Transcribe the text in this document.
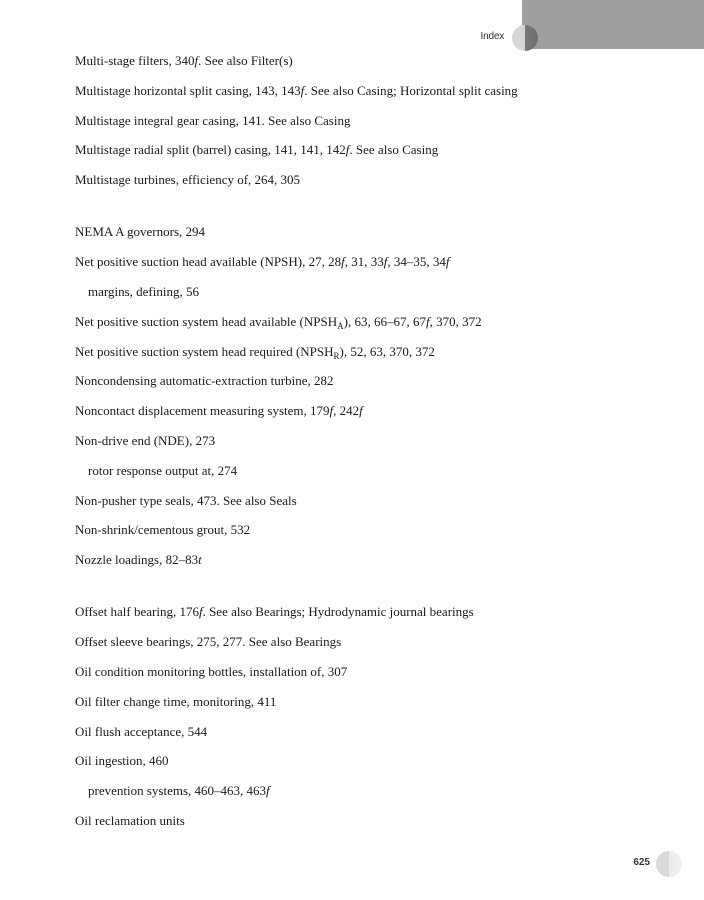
Index
Multi-stage filters, 340f. See also Filter(s)
Multistage horizontal split casing, 143, 143f. See also Casing; Horizontal split casing
Multistage integral gear casing, 141. See also Casing
Multistage radial split (barrel) casing, 141, 141, 142f. See also Casing
Multistage turbines, efficiency of, 264, 305
NEMA A governors, 294
Net positive suction head available (NPSH), 27, 28f, 31, 33f, 34–35, 34f
margins, defining, 56
Net positive suction system head available $(NPSH_A)$, 63, 66–67, 67f, 370, 372
Net positive suction system head required $(NPSH_R)$, 52, 63, 370, 372
Noncondensing automatic-extraction turbine, 282
Noncontact displacement measuring system, 179f, 242f
Non-drive end (NDE), 273
rotor response output at, 274
Non-pusher type seals, 473. See also Seals
Non-shrink/cementous grout, 532
Nozzle loadings, 82–83t
Offset half bearing, 176f. See also Bearings; Hydrodynamic journal bearings
Offset sleeve bearings, 275, 277. See also Bearings
Oil condition monitoring bottles, installation of, 307
Oil filter change time, monitoring, 411
Oil flush acceptance, 544
Oil ingestion, 460
prevention systems, 460–463, 463f
Oil reclamation units
625
